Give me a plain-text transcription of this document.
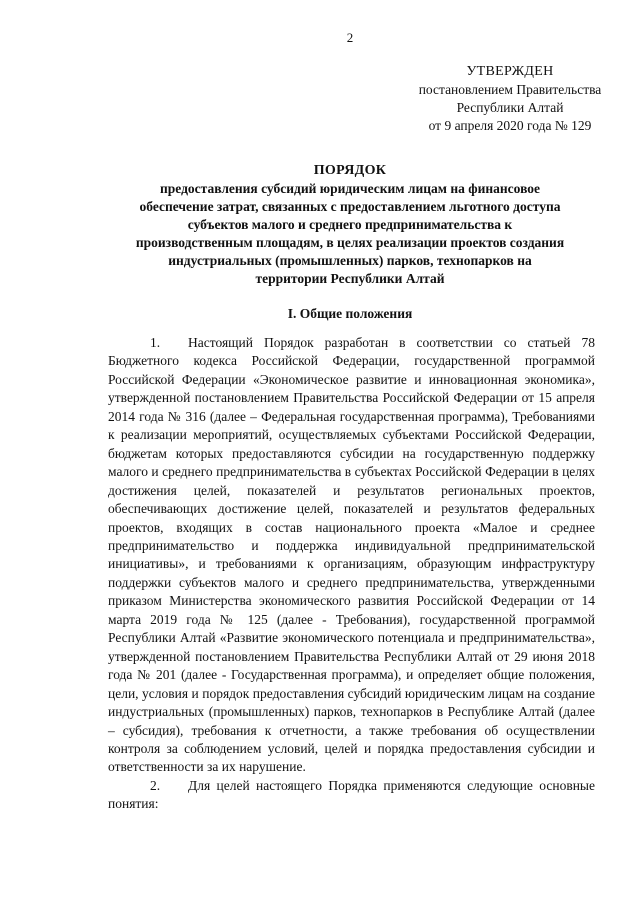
2
УТВЕРЖДЕН
постановлением Правительства
Республики Алтай
от 9 апреля 2020 года № 129
ПОРЯДОК
предоставления субсидий юридическим лицам на финансовое
обеспечение затрат, связанных с предоставлением льготного доступа
субъектов малого и среднего предпринимательства к
производственным площадям, в целях реализации проектов создания
индустриальных (промышленных) парков, технопарков на
территории Республики Алтай
I. Общие положения

1. Настоящий Порядок разработан в соответствии со статьей 78 Бюджетного кодекса Российской Федерации, государственной программой Российской Федерации «Экономическое развитие и инновационная экономика», утвержденной постановлением Правительства Российской Федерации от 15 апреля 2014 года № 316 (далее – Федеральная государственная программа), Требованиями к реализации мероприятий, осуществляемых субъектами Российской Федерации, бюджетам которых предоставляются субсидии на государственную поддержку малого и среднего предпринимательства в субъектах Российской Федерации в целях достижения целей, показателей и результатов региональных проектов, обеспечивающих достижение целей, показателей и результатов федеральных проектов, входящих в состав национального проекта «Малое и среднее предпринимательство и поддержка индивидуальной предпринимательской инициативы», и требованиями к организациям, образующим инфраструктуру поддержки субъектов малого и среднего предпринимательства, утвержденными приказом Министерства экономического развития Российской Федерации от 14 марта 2019 года № 125 (далее - Требования), государственной программой Республики Алтай «Развитие экономического потенциала и предпринимательства», утвержденной постановлением Правительства Республики Алтай от 29 июня 2018 года № 201 (далее - Государственная программа), и определяет общие положения, цели, условия и порядок предоставления субсидий юридическим лицам на создание индустриальных (промышленных) парков, технопарков в Республике Алтай (далее – субсидия), требования к отчетности, а также требования об осуществлении контроля за соблюдением условий, целей и порядка предоставления субсидии и ответственности за их нарушение.

2. Для целей настоящего Порядка применяются следующие основные понятия:
